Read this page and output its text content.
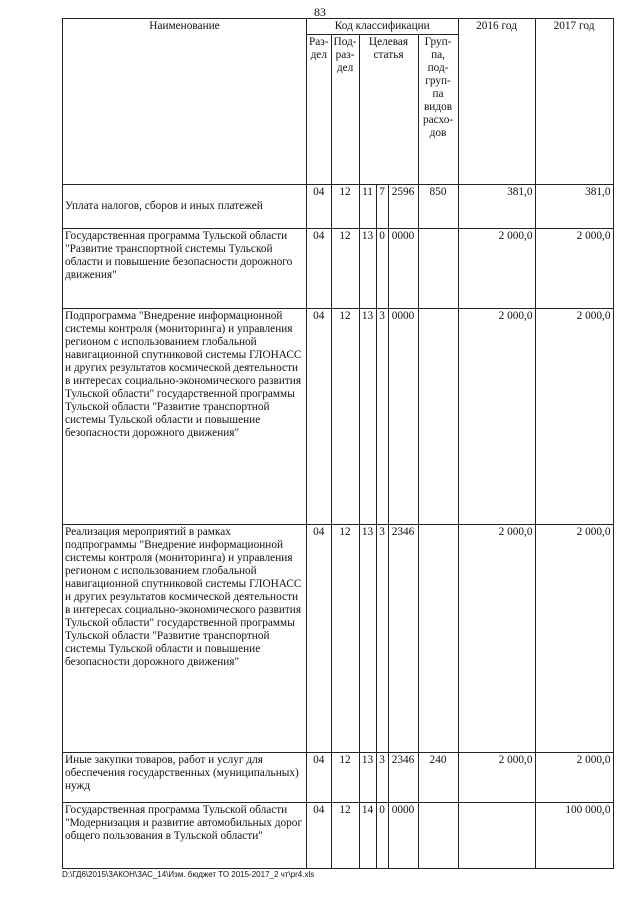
83
Наименование	Код классификации						2016 год	2017 год
	Раз-дел	Под-раз-дел	Целевая статья			Груп-па, под-груп-па видов расхо-дов		
Уплата налогов, сборов и иных платежей	04	12	11	7	2596	850	381,0	381,0
Государственная программа Тульской области "Развитие транспортной системы Тульской области и повышение безопасности дорожного движения"	04	12	13	0	0000		2 000,0	2 000,0
Подпрограмма "Внедрение информационной системы контроля (мониторинга) и управления регионом с использованием глобальной навигационной спутниковой системы ГЛОНАСС и других результатов космической деятельности в интересах социально-экономического развития Тульской области" государственной программы Тульской области "Развитие транспортной системы Тульской области и повышение безопасности дорожного движения"	04	12	13	3	0000		2 000,0	2 000,0
Реализация мероприятий в рамках подпрограммы "Внедрение информационной системы контроля (мониторинга) и управления регионом с использованием глобальной навигационной спутниковой системы ГЛОНАСС и других результатов космической деятельности в интересах социально-экономического развития Тульской области" государственной программы Тульской области "Развитие транспортной системы Тульской области и повышение безопасности дорожного движения"	04	12	13	3	2346		2 000,0	2 000,0
Иные закупки товаров, работ и услуг для обеспечения государственных (муниципальных) нужд	04	12	13	3	2346	240	2 000,0	2 000,0
Государственная программа Тульской области "Модернизация и развитие автомобильных дорог общего пользования в Тульской области"	04	12	14	0	0000			100 000,0
D:\ГД6\2015\ЗАКОН\ЗАС_14\Изм. бюджет ТО 2015-2017_2 чт\pr4.xls
